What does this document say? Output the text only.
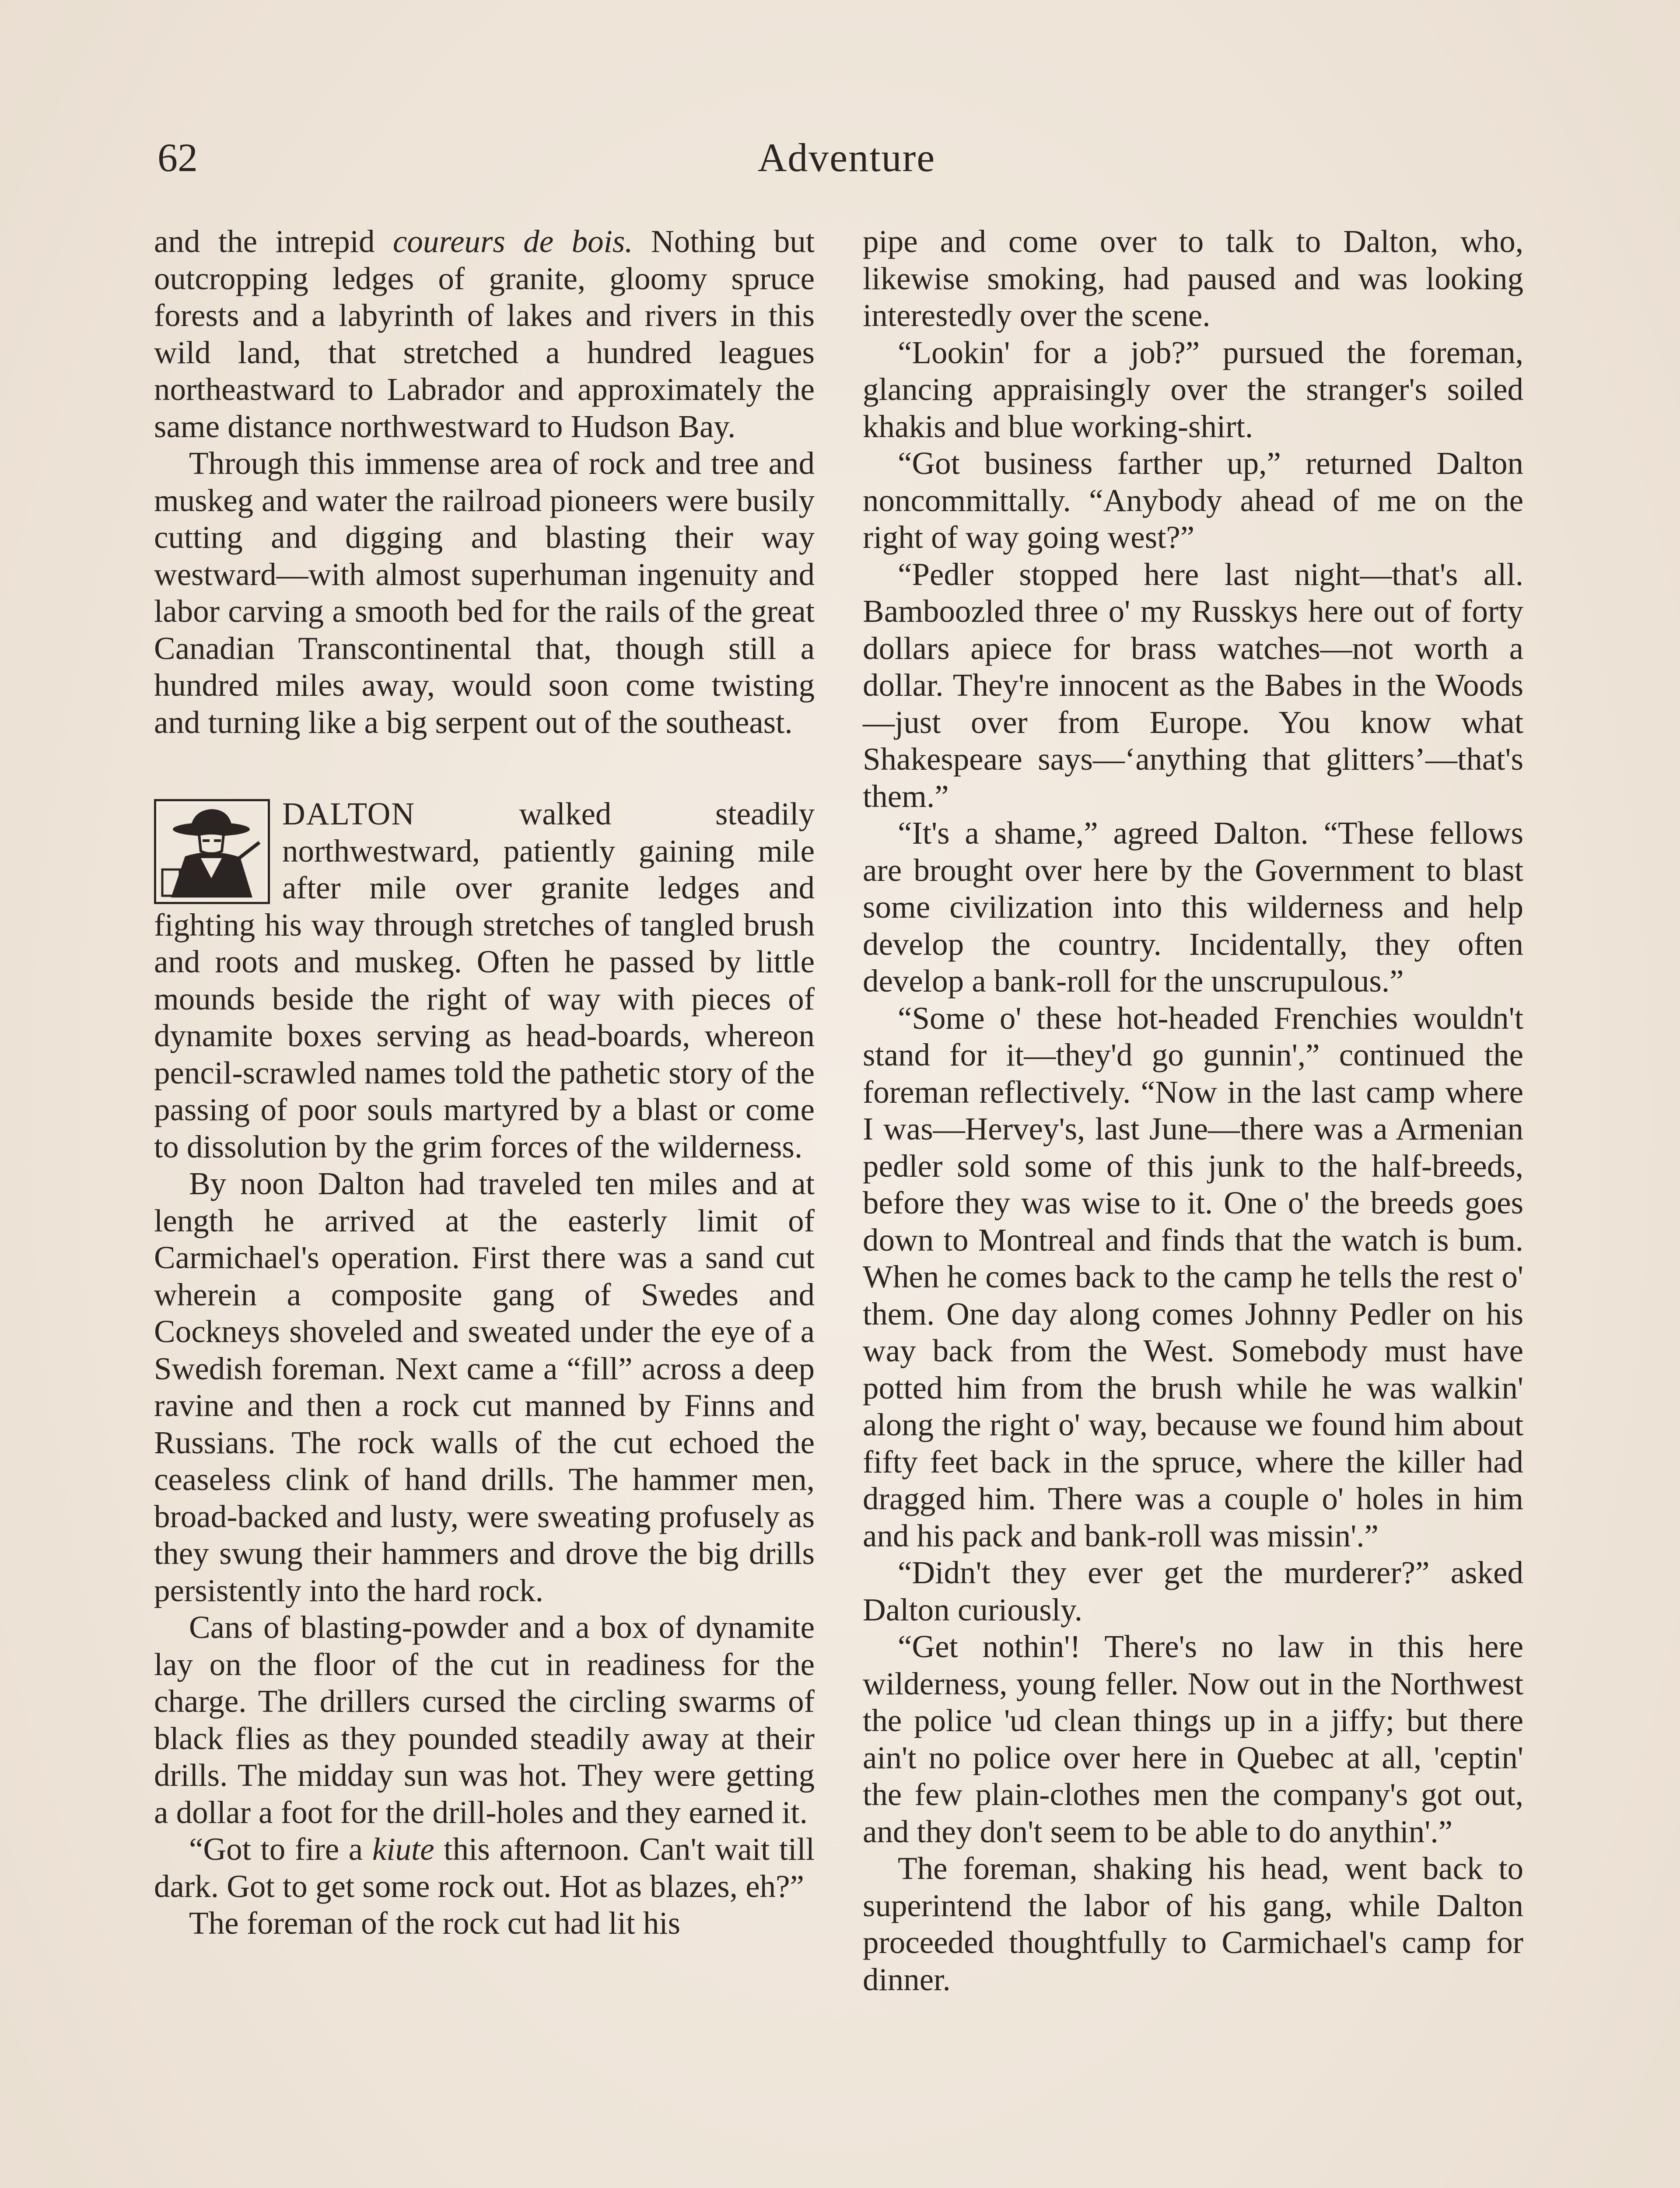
62	Adventure

and the intrepid coureurs de bois. Nothing but outcropping ledges of granite, gloomy spruce forests and a labyrinth of lakes and rivers in this wild land, that stretched a hundred leagues northeastward to Labrador and approximately the same distance northwestward to Hudson Bay.

Through this immense area of rock and tree and muskeg and water the railroad pioneers were busily cutting and digging and blasting their way westward—with almost superhuman ingenuity and labor carving a smooth bed for the rails of the great Canadian Transcontinental that, though still a hundred miles away, would soon come twisting and turning like a big serpent out of the southeast.

DALTON walked steadily northwestward, patiently gaining mile after mile over granite ledges and fighting his way through stretches of tangled brush and roots and muskeg. Often he passed by little mounds beside the right of way with pieces of dynamite boxes serving as head-boards, whereon pencil-scrawled names told the pathetic story of the passing of poor souls martyred by a blast or come to dissolution by the grim forces of the wilderness.

By noon Dalton had traveled ten miles and at length he arrived at the easterly limit of Carmichael's operation. First there was a sand cut wherein a composite gang of Swedes and Cockneys shoveled and sweated under the eye of a Swedish foreman. Next came a “fill” across a deep ravine and then a rock cut manned by Finns and Russians. The rock walls of the cut echoed the ceaseless clink of hand drills. The hammer men, broad-backed and lusty, were sweating profusely as they swung their hammers and drove the big drills persistently into the hard rock.

Cans of blasting-powder and a box of dynamite lay on the floor of the cut in readiness for the charge. The drillers cursed the circling swarms of black flies as they pounded steadily away at their drills. The midday sun was hot. They were getting a dollar a foot for the drill-holes and they earned it.

“Got to fire a kiute this afternoon. Can't wait till dark. Got to get some rock out. Hot as blazes, eh?”

The foreman of the rock cut had lit his

pipe and come over to talk to Dalton, who, likewise smoking, had paused and was looking interestedly over the scene.

“Lookin' for a job?” pursued the foreman, glancing appraisingly over the stranger's soiled khakis and blue working-shirt.

“Got business farther up,” returned Dalton noncommittally. “Anybody ahead of me on the right of way going west?”

“Pedler stopped here last night—that's all. Bamboozled three o' my Russkys here out of forty dollars apiece for brass watches—not worth a dollar. They're innocent as the Babes in the Woods—just over from Europe. You know what Shakespeare says—‘anything that glitters’—that's them.”

“It's a shame,” agreed Dalton. “These fellows are brought over here by the Government to blast some civilization into this wilderness and help develop the country. Incidentally, they often develop a bank-roll for the unscrupulous.”

“Some o' these hot-headed Frenchies wouldn't stand for it—they'd go gunnin',” continued the foreman reflectively. “Now in the last camp where I was—Hervey's, last June—there was a Armenian pedler sold some of this junk to the half-breeds, before they was wise to it. One o' the breeds goes down to Montreal and finds that the watch is bum. When he comes back to the camp he tells the rest o' them. One day along comes Johnny Pedler on his way back from the West. Somebody must have potted him from the brush while he was walkin' along the right o' way, because we found him about fifty feet back in the spruce, where the killer had dragged him. There was a couple o' holes in him and his pack and bank-roll was missin'.”

“Didn't they ever get the murderer?” asked Dalton curiously.

“Get nothin'! There's no law in this here wilderness, young feller. Now out in the Northwest the police 'ud clean things up in a jiffy; but there ain't no police over here in Quebec at all, 'ceptin' the few plain-clothes men the company's got out, and they don't seem to be able to do anythin'.”

The foreman, shaking his head, went back to superintend the labor of his gang, while Dalton proceeded thoughtfully to Carmichael's camp for dinner.
